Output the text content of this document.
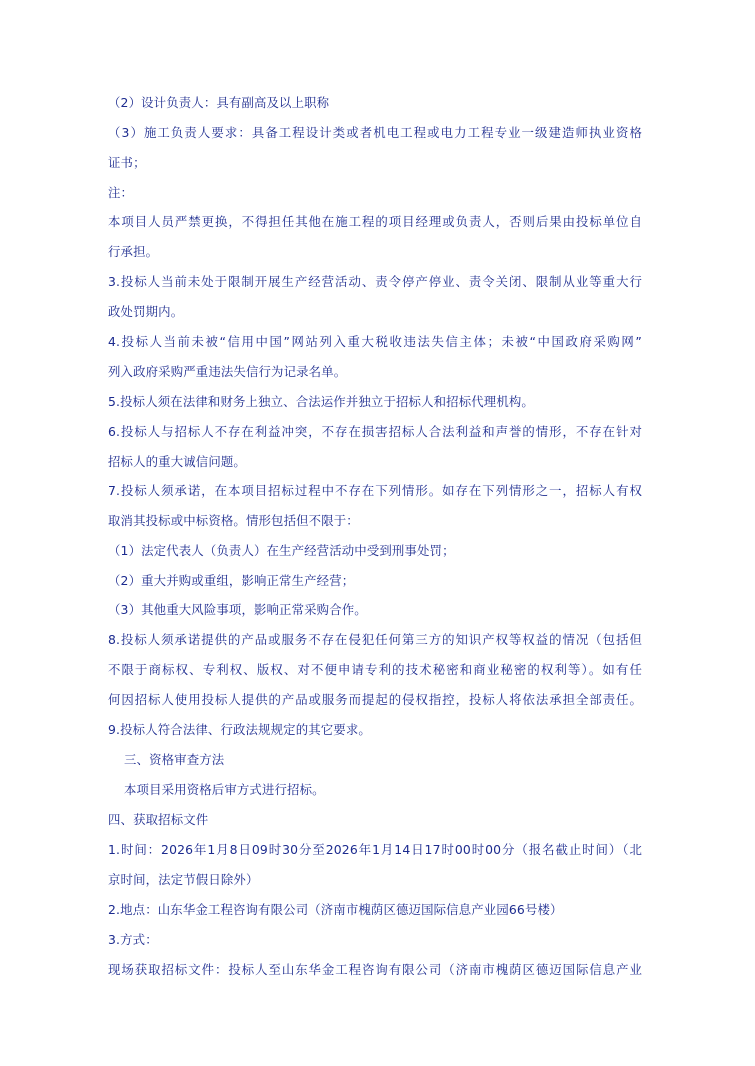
（2）设计负责人：具有副高及以上职称
（3）施工负责人要求：具备工程设计类或者机电工程或电力工程专业一级建造师执业资格
证书；
注：
本项目人员严禁更换，不得担任其他在施工程的项目经理或负责人，否则后果由投标单位自
行承担。
3.投标人当前未处于限制开展生产经营活动、责令停产停业、责令关闭、限制从业等重大行
政处罚期内。
4.投标人当前未被“信用中国”网站列入重大税收违法失信主体；未被“中国政府采购网”
列入政府采购严重违法失信行为记录名单。
5.投标人须在法律和财务上独立、合法运作并独立于招标人和招标代理机构。
6.投标人与招标人不存在利益冲突，不存在损害招标人合法利益和声誉的情形，不存在针对
招标人的重大诚信问题。
7.投标人须承诺，在本项目招标过程中不存在下列情形。如存在下列情形之一，招标人有权
取消其投标或中标资格。情形包括但不限于：
（1）法定代表人（负责人）在生产经营活动中受到刑事处罚；
（2）重大并购或重组，影响正常生产经营；
（3）其他重大风险事项，影响正常采购合作。
8.投标人须承诺提供的产品或服务不存在侵犯任何第三方的知识产权等权益的情况（包括但
不限于商标权、专利权、版权、对不便申请专利的技术秘密和商业秘密的权利等）。如有任
何因招标人使用投标人提供的产品或服务而提起的侵权指控，投标人将依法承担全部责任。
9.投标人符合法律、行政法规规定的其它要求。
三、资格审查方法
本项目采用资格后审方式进行招标。
四、获取招标文件
1.时间：2026年1月8日09时30分至2026年1月14日17时00时00分（报名截止时间）（北
京时间，法定节假日除外）
2.地点：山东华金工程咨询有限公司（济南市槐荫区德迈国际信息产业园66号楼）
3.方式：
现场获取招标文件：投标人至山东华金工程咨询有限公司（济南市槐荫区德迈国际信息产业
